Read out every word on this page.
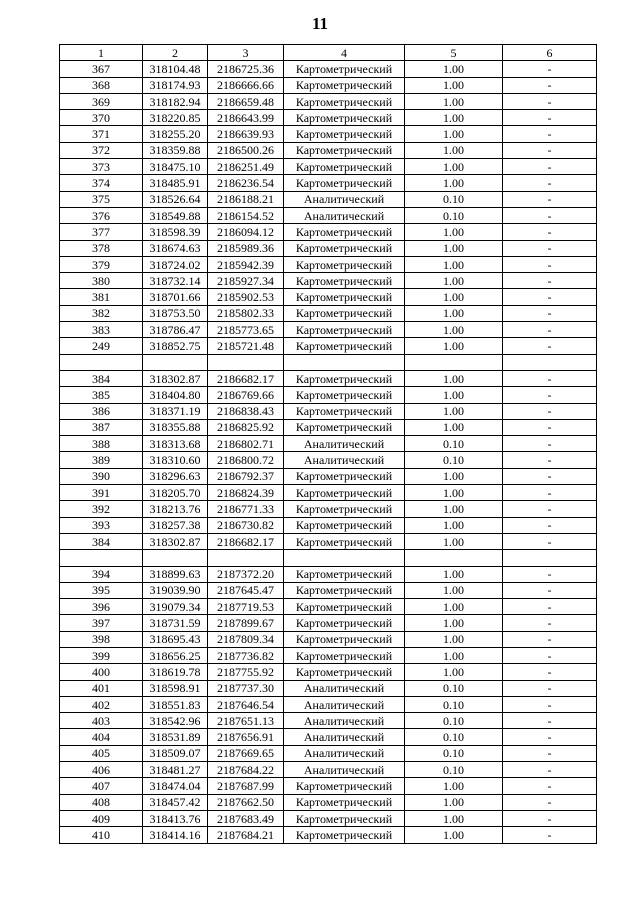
11
1	2	3	4	5	6
367	318104.48	2186725.36	Картометрический	1.00	-
368	318174.93	2186666.66	Картометрический	1.00	-
369	318182.94	2186659.48	Картометрический	1.00	-
370	318220.85	2186643.99	Картометрический	1.00	-
371	318255.20	2186639.93	Картометрический	1.00	-
372	318359.88	2186500.26	Картометрический	1.00	-
373	318475.10	2186251.49	Картометрический	1.00	-
374	318485.91	2186236.54	Картометрический	1.00	-
375	318526.64	2186188.21	Аналитический	0.10	-
376	318549.88	2186154.52	Аналитический	0.10	-
377	318598.39	2186094.12	Картометрический	1.00	-
378	318674.63	2185989.36	Картометрический	1.00	-
379	318724.02	2185942.39	Картометрический	1.00	-
380	318732.14	2185927.34	Картометрический	1.00	-
381	318701.66	2185902.53	Картометрический	1.00	-
382	318753.50	2185802.33	Картометрический	1.00	-
383	318786.47	2185773.65	Картометрический	1.00	-
249	318852.75	2185721.48	Картометрический	1.00	-

384	318302.87	2186682.17	Картометрический	1.00	-
385	318404.80	2186769.66	Картометрический	1.00	-
386	318371.19	2186838.43	Картометрический	1.00	-
387	318355.88	2186825.92	Картометрический	1.00	-
388	318313.68	2186802.71	Аналитический	0.10	-
389	318310.60	2186800.72	Аналитический	0.10	-
390	318296.63	2186792.37	Картометрический	1.00	-
391	318205.70	2186824.39	Картометрический	1.00	-
392	318213.76	2186771.33	Картометрический	1.00	-
393	318257.38	2186730.82	Картометрический	1.00	-
384	318302.87	2186682.17	Картометрический	1.00	-

394	318899.63	2187372.20	Картометрический	1.00	-
395	319039.90	2187645.47	Картометрический	1.00	-
396	319079.34	2187719.53	Картометрический	1.00	-
397	318731.59	2187899.67	Картометрический	1.00	-
398	318695.43	2187809.34	Картометрический	1.00	-
399	318656.25	2187736.82	Картометрический	1.00	-
400	318619.78	2187755.92	Картометрический	1.00	-
401	318598.91	2187737.30	Аналитический	0.10	-
402	318551.83	2187646.54	Аналитический	0.10	-
403	318542.96	2187651.13	Аналитический	0.10	-
404	318531.89	2187656.91	Аналитический	0.10	-
405	318509.07	2187669.65	Аналитический	0.10	-
406	318481.27	2187684.22	Аналитический	0.10	-
407	318474.04	2187687.99	Картометрический	1.00	-
408	318457.42	2187662.50	Картометрический	1.00	-
409	318413.76	2187683.49	Картометрический	1.00	-
410	318414.16	2187684.21	Картометрический	1.00	-
